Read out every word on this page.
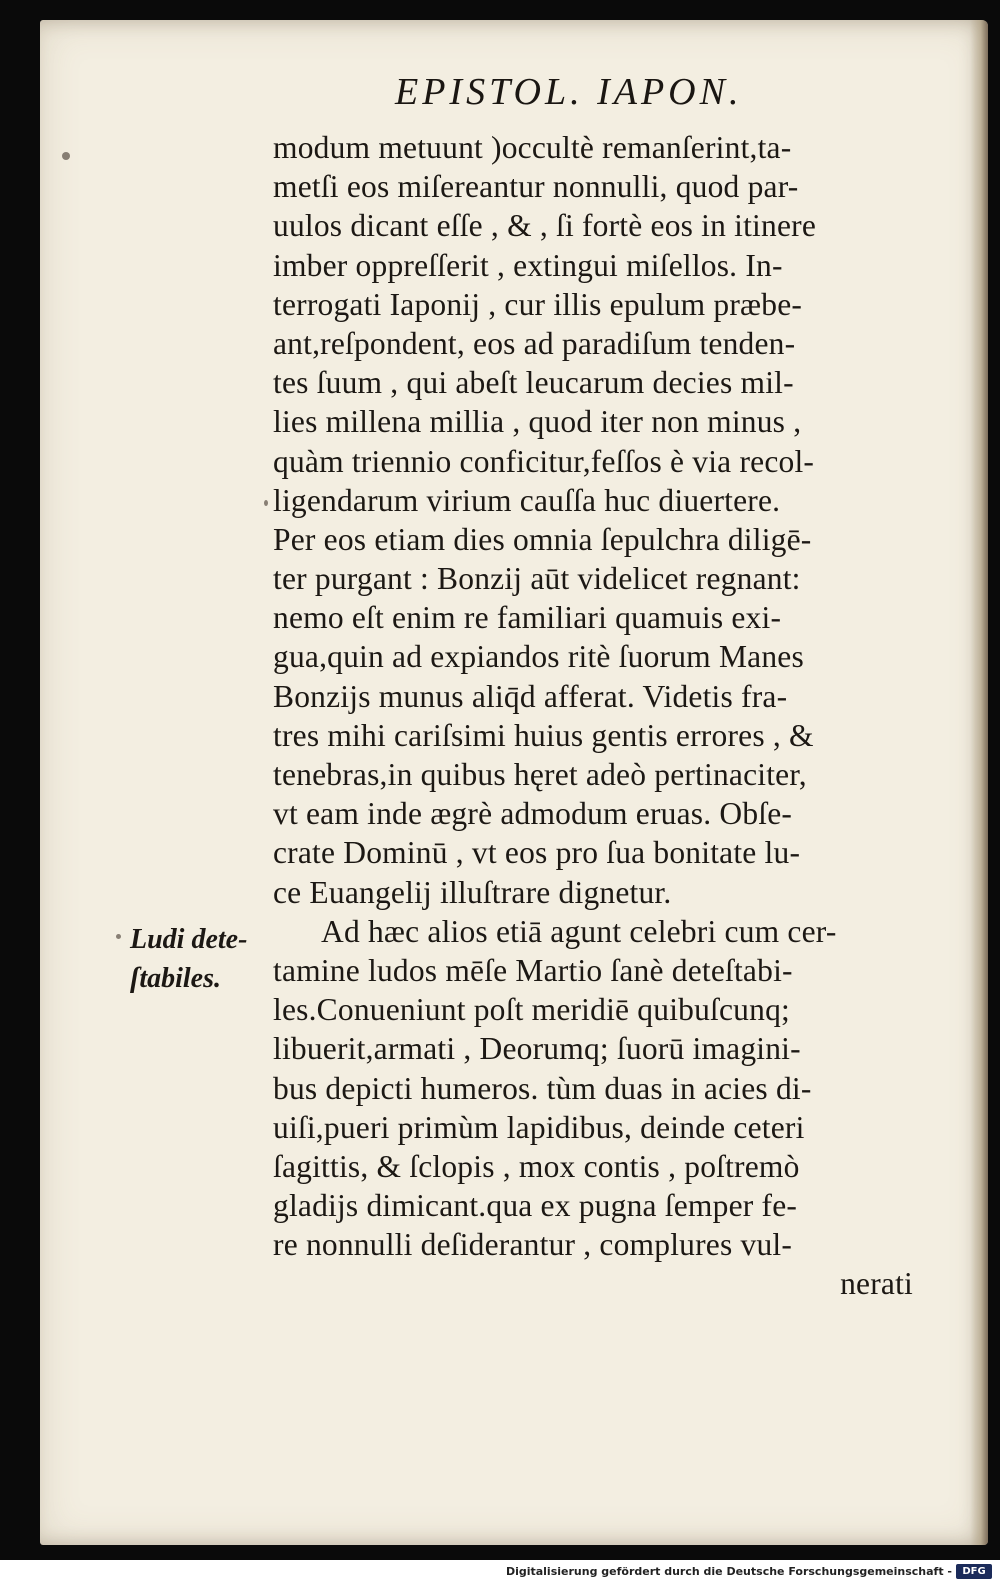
EPISTOL. IAPON.

modum metuunt )occultè remanſerint,ta-

metſi eos miſereantur nonnulli, quod par-

uulos dicant eſſe , & , ſi fortè eos in itinere

imber oppreſſerit , extingui miſellos. In-

terrogati Iaponij , cur illis epulum præbe-

ant,reſpondent, eos ad paradiſum tenden-

tes ſuum , qui abeſt leucarum decies mil-

lies millena millia , quod iter non minus ,

quàm triennio conficitur,feſſos è via recol-

ligendarum virium cauſſa huc diuertere.

Per eos etiam dies omnia ſepulchra diligē-

ter purgant : Bonzij aūt videlicet regnant:

nemo eſt enim re familiari quamuis exi-

gua,quin ad expiandos ritè ſuorum Manes

Bonzijs munus aliq̄d afferat. Videtis fra-

tres mihi cariſsimi huius gentis errores , &

tenebras,in quibus hęret adeò pertinaciter,

vt eam inde ægrè admodum eruas. Obſe-

crate Dominū , vt eos pro ſua bonitate lu-

ce Euangelij illuſtrare dignetur.

Ad hæc alios etiā agunt celebri cum cer-

tamine ludos mēſe Martio ſanè deteſtabi-

les.Conueniunt poſt meridiē quibuſcunq;

libuerit,armati , Deorumq; ſuorū imagini-

bus depicti humeros. tùm duas in acies di-

uiſi,pueri primùm lapidibus, deinde ceteri

ſagittis, & ſclopis , mox contis , poſtremò

gladijs dimicant.qua ex pugna ſemper fe-

re nonnulli deſiderantur , complures vul-

nerati

Ludi dete-ſtabiles.

Digitalisierung gefördert durch die Deutsche Forschungsgemeinschaft -	DFG
